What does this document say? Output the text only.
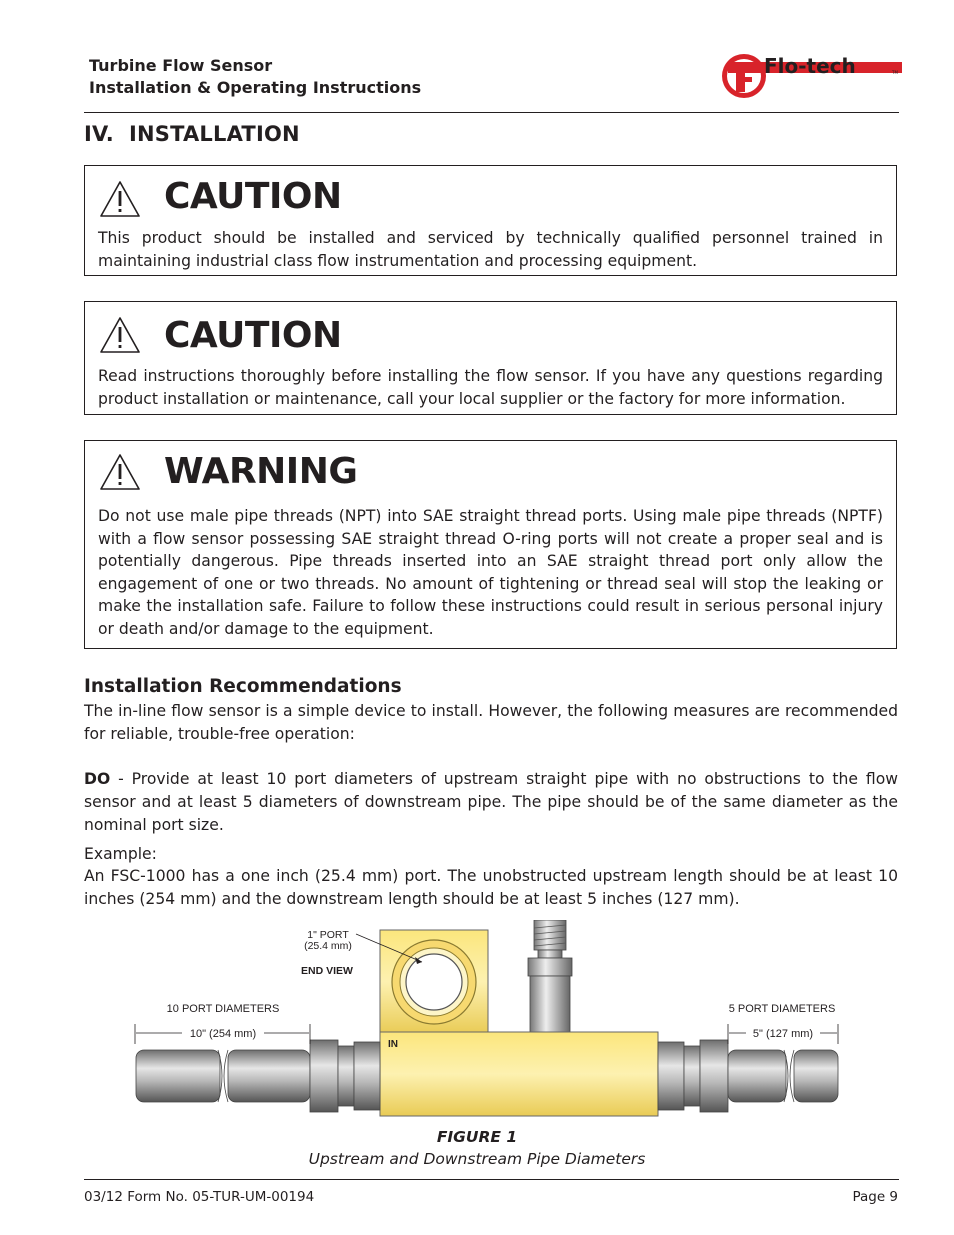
Turbine Flow Sensor
Installation & Operating Instructions
Flo-tech	TM
IV. INSTALLATION
CAUTION
This product should be installed and serviced by technically qualified personnel trained in maintaining industrial class flow instrumentation and processing equipment.
CAUTION
Read instructions thoroughly before installing the flow sensor. If you have any questions regarding product installation or maintenance, call your local supplier or the factory for more information.
WARNING
Do not use male pipe threads (NPT) into SAE straight thread ports. Using male pipe threads (NPTF) with a flow sensor possessing SAE straight thread O-ring ports will not create a proper seal and is potentially dangerous. Pipe threads inserted into an SAE straight thread port only allow the engagement of one or two threads. No amount of tightening or thread seal will stop the leaking or make the installation safe. Failure to follow these instructions could result in serious personal injury or death and/or damage to the equipment.
Installation Recommendations

The in-line flow sensor is a simple device to install. However, the following measures are recommended for reliable, trouble-free operation:

DO - Provide at least 10 port diameters of upstream straight pipe with no obstructions to the flow sensor and at least 5 diameters of downstream pipe. The pipe should be of the same diameter as the nominal port size.

Example:

An FSC-1000 has a one inch (25.4 mm) port. The unobstructed upstream length should be at least 10 inches (254 mm) and the downstream length should be at least 5 inches (127 mm).

1" PORT
(25.4 mm)
END VIEW
IN
10 PORT DIAMETERS
10" (254 mm)
5 PORT DIAMETERS
5" (127 mm)
FIGURE 1
Upstream and Downstream Pipe Diameters
03/12 Form No. 05-TUR-UM-00194	Page 9
